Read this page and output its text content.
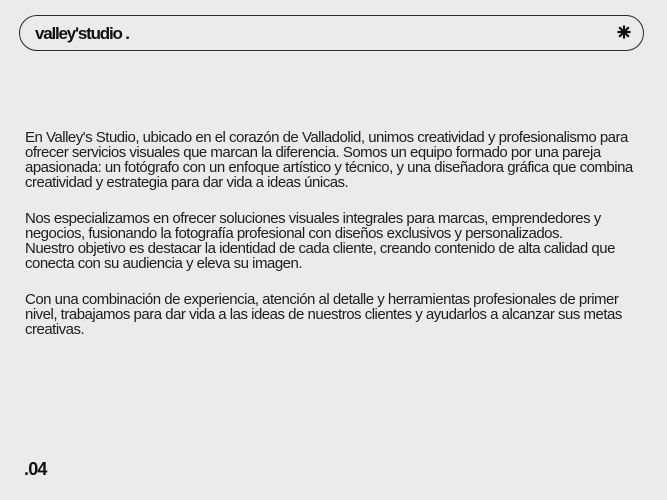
valley'studio .

En Valley's Studio, ubicado en el corazón de Valladolid, unimos creatividad y profesionalismo para ofrecer servicios visuales que marcan la diferencia. Somos un equipo formado por una pareja apasionada: un fotógrafo con un enfoque artístico y técnico, y una diseñadora gráfica que combina creatividad y estrategia para dar vida a ideas únicas.

Nos especializamos en ofrecer soluciones visuales integrales para marcas, emprendedores y negocios, fusionando la fotografía profesional con diseños exclusivos y personalizados.
Nuestro objetivo es destacar la identidad de cada cliente, creando contenido de alta calidad que conecta con su audiencia y eleva su imagen.

Con una combinación de experiencia, atención al detalle y herramientas profesionales de primer nivel, trabajamos para dar vida a las ideas de nuestros clientes y ayudarlos a alcanzar sus metas creativas.

.04
